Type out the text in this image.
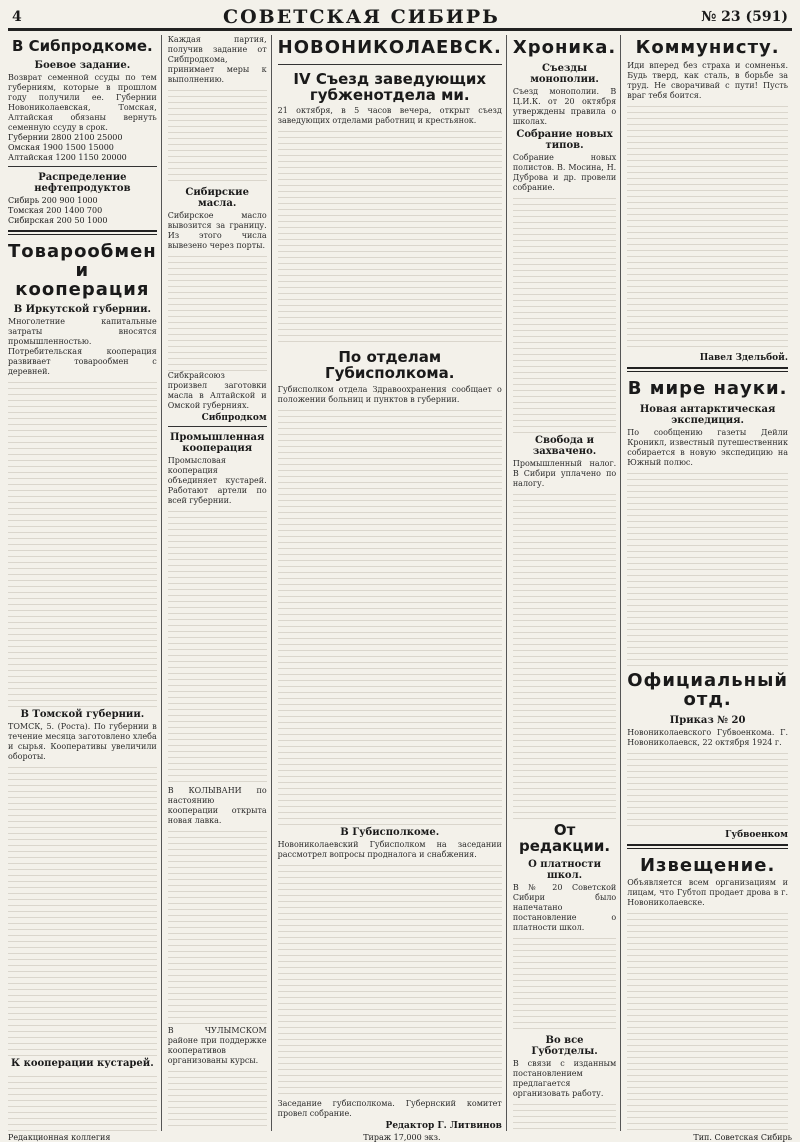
4	СОВЕТСКАЯ СИБИРЬ	№ 23 (591)
В Сибпродкоме.
Боевое задание.
Возврат семенной ссуды по тем губерниям, которые в прошлом году получили ее. Губернии Новониколаевская, Томская, Алтайская обязаны вернуть семенную ссуду в срок.
Губернии 2800 2100 25000
Омская 1900 1500 15000
Алтайская 1200 1150 20000
Распределение нефтепродуктов
Сибирь 200 900 1000
Томская 200 1400 700
Сибирская 200 50 1000
Товарообмен и кооперация
В Иркутской губернии.
Многолетние капитальные затраты вносятся промышленностью. Потребительская кооперация развивает товарообмен с деревней.
В Томской губернии.
ТОМСК, 5. (Роста). По губернии в течение месяца заготовлено хлеба и сырья. Кооперативы увеличили обороты.
К кооперации кустарей.
Каждая партия, получив задание от Сибпродкома, принимает меры к выполнению.
Сибирские масла.
Сибирское масло вывозится за границу. Из этого числа вывезено через порты.
Сибкрайсоюз произвел заготовки масла в Алтайской и Омской губерниях.
Сибпродком
Промышленная кооперация
Промысловая кооперация объединяет кустарей. Работают артели по всей губернии.
В КОЛЫВАНИ по настоянию кооперации открыта новая лавка.
В ЧУЛЫМСКОМ районе при поддержке кооперативов организованы курсы.
НОВОНИКОЛАЕВСК.
IV Съезд заведующих губженотдела ми.
21 октября, в 5 часов вечера, открыт съезд заведующих отделами работниц и крестьянок.
По отделам Губисполкома.
Губисполком отдела Здравоохранения сообщает о положении больниц и пунктов в губернии.
В Губисполкоме.
Новониколаевский Губисполком на заседании рассмотрел вопросы продналога и снабжения.
Заседание губисполкома. Губернский комитет провел собрание.
Редактор Г. Литвинов
Хроника.
Съезды монополии.
Съезд монополии. В Ц.И.К. от 20 октября утверждены правила о школах.
Собрание новых типов.
Собрание новых полистов. В. Мосина, Н. Дуброва и др. провели собрание.
Свобода и захвачено.
Промышленный налог. В Сибири уплачено по налогу.
От редакции.
О платности школ.
В № 20 Советской Сибири было напечатано постановление о платности школ.
Во все Губотделы.
В связи с изданным постановлением предлагается организовать работу.
Коммунисту.
Иди вперед без страха и сомненья. Будь тверд, как сталь, в борьбе за труд. Не сворачивай с пути! Пусть враг тебя боится.
Павел Здельбой.
В мире науки.
Новая антарктическая экспедиция.
По сообщению газеты Дейли Кроникл, известный путешественник собирается в новую экспедицию на Южный полюс.
Официальный отд.
Приказ № 20
Новониколаевского Губвоенкома. Г. Новониколаевск, 22 октября 1924 г.
Губвоенком
Извещение.
Объявляется всем организациям и лицам, что Губтоп продает дрова в г. Новониколаевске.
Редакционная коллегия	Тираж 17,000 экз.	Тип. Советская Сибирь
